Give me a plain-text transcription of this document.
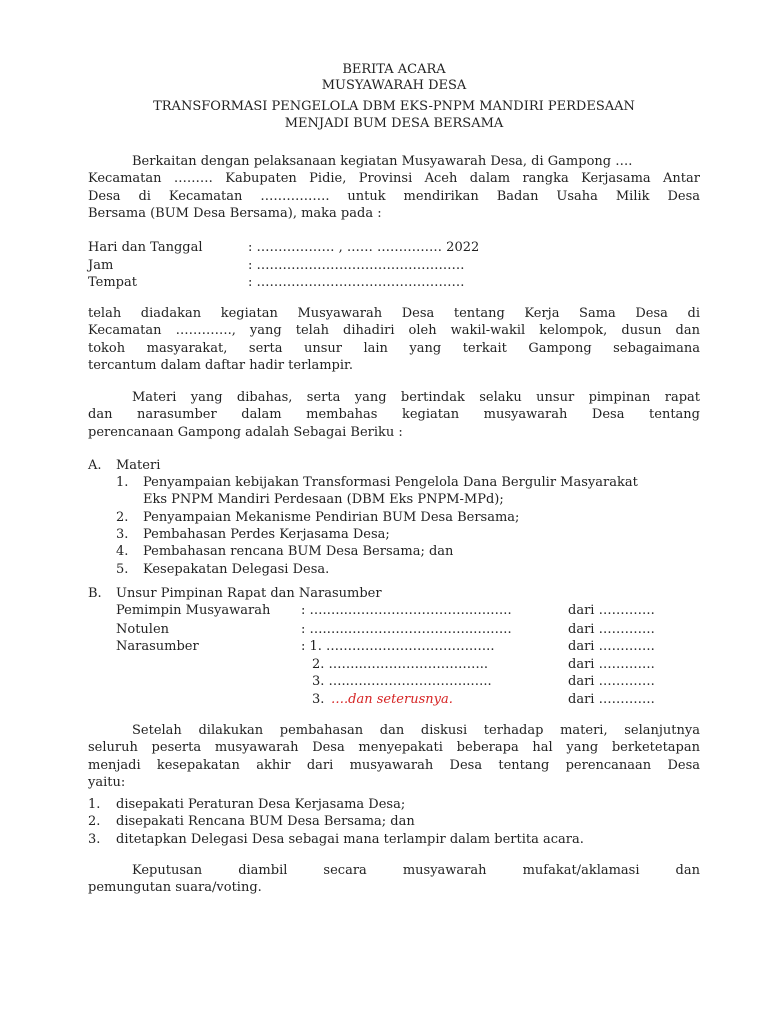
BERITA ACARA
MUSYAWARAH DESA
TRANSFORMASI PENGELOLA DBM EKS-PNPM MANDIRI PERDESAAN
MENJADI BUM DESA BERSAMA
Berkaitan dengan pelaksanaan kegiatan Musyawarah Desa, di Gampong ….
Kecamatan ……… Kabupaten Pidie, Provinsi Aceh dalam rangka Kerjasama Antar
Desa di Kecamatan ……………. untuk mendirikan Badan Usaha Milik Desa
Bersama (BUM Desa Bersama), maka pada :
Hari dan Tanggal	: ……………… , …… …………… 2022
Jam	: …………………………………………
Tempat	: …………………………………………
telah diadakan kegiatan Musyawarah Desa tentang Kerja Sama Desa di
Kecamatan …………., yang telah dihadiri oleh wakil-wakil kelompok, dusun dan
tokoh masyarakat, serta unsur lain yang terkait Gampong sebagaimana
tercantum dalam daftar hadir terlampir.
Materi yang dibahas, serta yang bertindak selaku unsur pimpinan rapat
dan narasumber dalam membahas kegiatan musyawarah Desa tentang
perencanaan Gampong adalah Sebagai Beriku :
A. Materi
1. Penyampaian kebijakan Transformasi Pengelola Dana Bergulir Masyarakat
Eks PNPM Mandiri Perdesaan (DBM Eks PNPM-MPd);
2. Penyampaian Mekanisme Pendirian BUM Desa Bersama;
3. Pembahasan Perdes Kerjasama Desa;
4. Pembahasan rencana BUM Desa Bersama; dan
5. Kesepakatan Delegasi Desa.
B. Unsur Pimpinan Rapat dan Narasumber
Pemimpin Musyawarah : ….…..………………………..….…..	dari ………….
Notulen	: ….…..………………………..….…..	dari ………….
Narasumber	: 1. …………………………….…..	dari ………….
2. ……..………………………..	dari ………….
3. …..…..…………………..…..	dari ………….
3. ….dan seterusnya.	dari ………….
Setelah dilakukan pembahasan dan diskusi terhadap materi, selanjutnya
seluruh peserta musyawarah Desa menyepakati beberapa hal yang berketetapan
menjadi kesepakatan akhir dari musyawarah Desa tentang perencanaan Desa
yaitu:
1. disepakati Peraturan Desa Kerjasama Desa;
2. disepakati Rencana BUM Desa Bersama; dan
3. ditetapkan Delegasi Desa sebagai mana terlampir dalam bertita acara.
Keputusan diambil secara musyawarah mufakat/aklamasi dan
pemungutan suara/voting.
